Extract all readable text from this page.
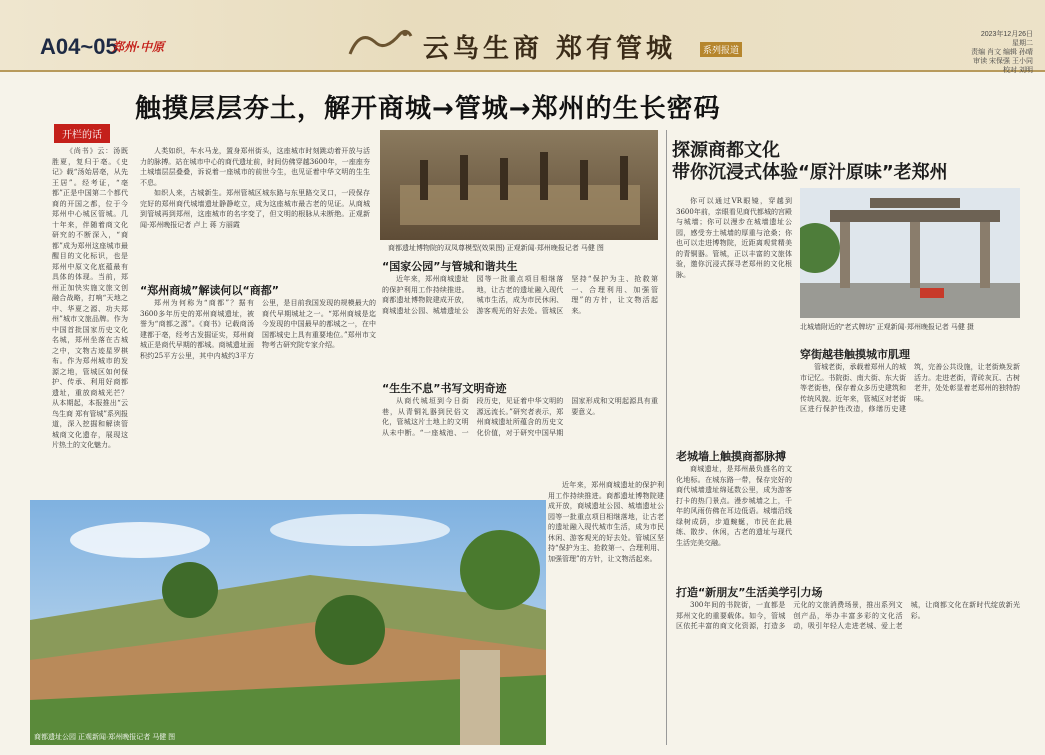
A04~05
郑州·中原	云鸟生商 郑有管城	系列报道
2023年12月26日
星期二
责编 肖文 编辑 孙晴
审读 宋保强 王小同
校对 刘明
触摸层层夯土，解开商城→管城→郑州的生长密码
开栏的话

《尚书》云：汤既胜夏，复归于亳。《史记》载“汤始居亳，从先王居”。经考证，“亳都”正是中国第二个都代商的开国之都，位于今郑州中心城区管城。几十年来，伴随着商文化研究的不断深入，“商都”成为郑州这座城市最醒目的文化标识，也是郑州中原文化底蕴最有具体的体现。当前，郑州正加快实施文旅文创融合战略，打响“天地之中、华夏之源、功夫郑州”城市文旅品牌。作为中国首批国家历史文化名城，郑州坐落在古城之中，文物古迹星罗棋布。作为郑州城市的发源之地，管城区如何保护、传承、利用好商都遗址，重放商城光芒？从本期起，本报推出“云鸟生商 郑有管城”系列报道，深入挖掘和解读管城商文化遗存，展现这片热土的文化魅力。

人类如织，车水马龙，置身郑州街头，这座城市时刻跳动着开放与活力的脉搏。站在城市中心的商代遗址前，时间仿佛穿越3600年，一座座夯土城墙层层叠叠，诉说着一座城市的前世今生，也见证着中华文明的生生不息。

如织人来，古城新生。郑州管城区城东路与东里路交叉口，一段保存完好的郑州商代城墙遗址静静屹立，成为这座城市最古老的见证。从商城到管城再到郑州，这座城市的名字变了，但文明的根脉从未断绝。正观新闻·郑州晚报记者 卢上 蒋 方丽霞

商都遗址博物院的双凤尊模型(效果图) 正观新闻·郑州晚报记者 马健 图
“郑州商城”解读何以“商都”

郑州为何称为“商都”？据有3600多年历史的郑州商城遗址，被誉为“商都之源”。《商书》记载商汤建都于亳，经考古发掘证实，郑州商城正是商代早期的都城。商城遗址面积约25平方公里，其中内城约3平方公里，是目前我国发现的规模最大的商代早期城址之一。“郑州商城是迄今发现的中国最早的都城之一，在中国都城史上具有重要地位。”郑州市文物考古研究院专家介绍。

“国家公园”与管城和谐共生

近年来，郑州商城遗址的保护利用工作持续推进。商都遗址博物院建成开放，商城遗址公园、城墙遗址公园等一批重点项目相继落地，让古老的遗址融入现代城市生活，成为市民休闲、游客观光的好去处。管城区坚持“保护为主、抢救第一、合理利用、加强管理”的方针，让文物活起来。

“生生不息”书写文明奇迹

从商代城垣到今日街巷，从青铜礼器到民俗文化，管城这片土地上的文明从未中断。“一座城池、一段历史，见证着中华文明的源远流长。”研究者表示，郑州商城遗址所蕴含的历史文化价值，对于研究中国早期国家形成和文明起源具有重要意义。

商都遗址公园 正观新闻·郑州晚报记者 马健 图

近年来，郑州商城遗址的保护利用工作持续推进。商都遗址博物院建成开放，商城遗址公园、城墙遗址公园等一批重点项目相继落地，让古老的遗址融入现代城市生活，成为市民休闲、游客观光的好去处。管城区坚持“保护为主、抢救第一、合理利用、加强管理”的方针，让文物活起来。

探源商都文化
带你沉浸式体验“原汁原味”老郑州

你可以通过VR眼镜，穿越到3600年前，亲眼看见商代都城的宫殿与城墙；你可以漫步在城墙遗址公园，感受夯土城墙的厚重与沧桑；你也可以走进博物院，近距离观赏精美的青铜器。管城，正以丰富的文旅体验，邀你沉浸式探寻老郑州的文化根脉。

北城墙附近的“老式牌坊” 正观新闻·郑州晚报记者 马健 摄
穿街越巷触摸城市肌理

管城老街，承载着郑州人的城市记忆。书院街、南大街、东大街等老街巷，保存着众多历史建筑和传统风貌。近年来，管城区对老街区进行保护性改造，修缮历史建筑，完善公共设施，让老街焕发新活力。走进老街，青砖灰瓦、古树老井，处处彰显着老郑州的独特韵味。

老城墙上触摸商都脉搏

商城遗址，是郑州最负盛名的文化地标。在城东路一带，保存完好的商代城墙遗址绵延数公里，成为游客打卡的热门景点。漫步城墙之上，千年的风雨仿佛在耳边低语。城墙沿线绿树成荫，步道蜿蜒，市民在此晨练、散步、休闲，古老的遗址与现代生活完美交融。

打造“新朋友”生活美学引力场

300年间的书院街，一直都是郑州文化的重要载体。如今，管城区依托丰富的商文化资源，打造多元化的文旅消费场景，推出系列文创产品，举办丰富多彩的文化活动，吸引年轻人走进老城、爱上老城，让商都文化在新时代绽放新光彩。
